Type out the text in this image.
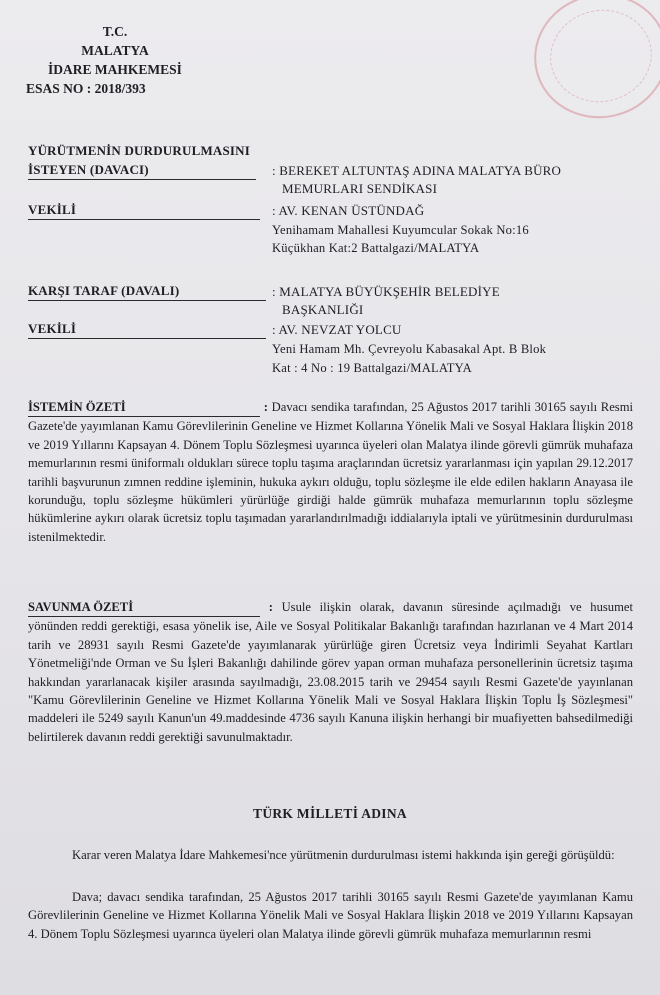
T.C.
MALATYA
İDARE MAHKEMESİ
ESAS NO : 2018/393
YÜRÜTMENİN DURDURULMASINI
İSTEYEN (DAVACI)	: BEREKET ALTUNTAŞ ADINA MALATYA BÜRO
MEMURLARI SENDİKASI
VEKİLİ	: AV. KENAN ÜSTÜNDAĞ
Yenihamam Mahallesi Kuyumcular Sokak No:16
Küçükhan Kat:2 Battalgazi/MALATYA
KARŞI TARAF (DAVALI)	: MALATYA BÜYÜKŞEHİR BELEDİYE
BAŞKANLIĞI
VEKİLİ	: AV. NEVZAT YOLCU
Yeni Hamam Mh. Çevreyolu Kabasakal Apt. B Blok
Kat : 4 No : 19 Battalgazi/MALATYA
İSTEMİN ÖZETİ	: Davacı sendika tarafından, 25 Ağustos 2017 tarihli 30165 sayılı Resmi Gazete'de yayımlanan Kamu Görevlilerinin Geneline ve Hizmet Kollarına Yönelik Mali ve Sosyal Haklara İlişkin 2018 ve 2019 Yıllarını Kapsayan 4. Dönem Toplu Sözleşmesi uyarınca üyeleri olan Malatya ilinde görevli gümrük muhafaza memurlarının resmi üniformalı oldukları sürece toplu taşıma araçlarından ücretsiz yararlanması için yapılan 29.12.2017 tarihli başvurunun zımnen reddine işleminin, hukuka aykırı olduğu, toplu sözleşme ile elde edilen hakların Anayasa ile korunduğu, toplu sözleşme hükümleri yürürlüğe girdiği halde gümrük muhafaza memurlarının toplu sözleşme hükümlerine aykırı olarak ücretsiz toplu taşımadan yararlandırılmadığı iddialarıyla iptali ve yürütmesinin durdurulması istenilmektedir.
SAVUNMA ÖZETİ	: Usule ilişkin olarak, davanın süresinde açılmadığı ve husumet yönünden reddi gerektiği, esasa yönelik ise, Aile ve Sosyal Politikalar Bakanlığı tarafından hazırlanan ve 4 Mart 2014 tarih ve 28931 sayılı Resmi Gazete'de yayımlanarak yürürlüğe giren Ücretsiz veya İndirimli Seyahat Kartları Yönetmeliği'nde Orman ve Su İşleri Bakanlığı dahilinde görev yapan orman muhafaza personellerinin ücretsiz taşıma hakkından yararlanacak kişiler arasında sayılmadığı, 23.08.2015 tarih ve 29454 sayılı Resmi Gazete'de yayınlanan "Kamu Görevlilerinin Geneline ve Hizmet Kollarına Yönelik Mali ve Sosyal Haklara İlişkin Toplu İş Sözleşmesi" maddeleri ile 5249 sayılı Kanun'un 49.maddesinde 4736 sayılı Kanuna ilişkin herhangi bir muafiyetten bahsedilmediği belirtilerek davanın reddi gerektiği savunulmaktadır.
TÜRK MİLLETİ ADINA
Karar veren Malatya İdare Mahkemesi'nce yürütmenin durdurulması istemi hakkında işin gereği görüşüldü:
Dava; davacı sendika tarafından, 25 Ağustos 2017 tarihli 30165 sayılı Resmi Gazete'de yayımlanan Kamu Görevlilerinin Geneline ve Hizmet Kollarına Yönelik Mali ve Sosyal Haklara İlişkin 2018 ve 2019 Yıllarını Kapsayan 4. Dönem Toplu Sözleşmesi uyarınca üyeleri olan Malatya ilinde görevli gümrük muhafaza memurlarının resmi
